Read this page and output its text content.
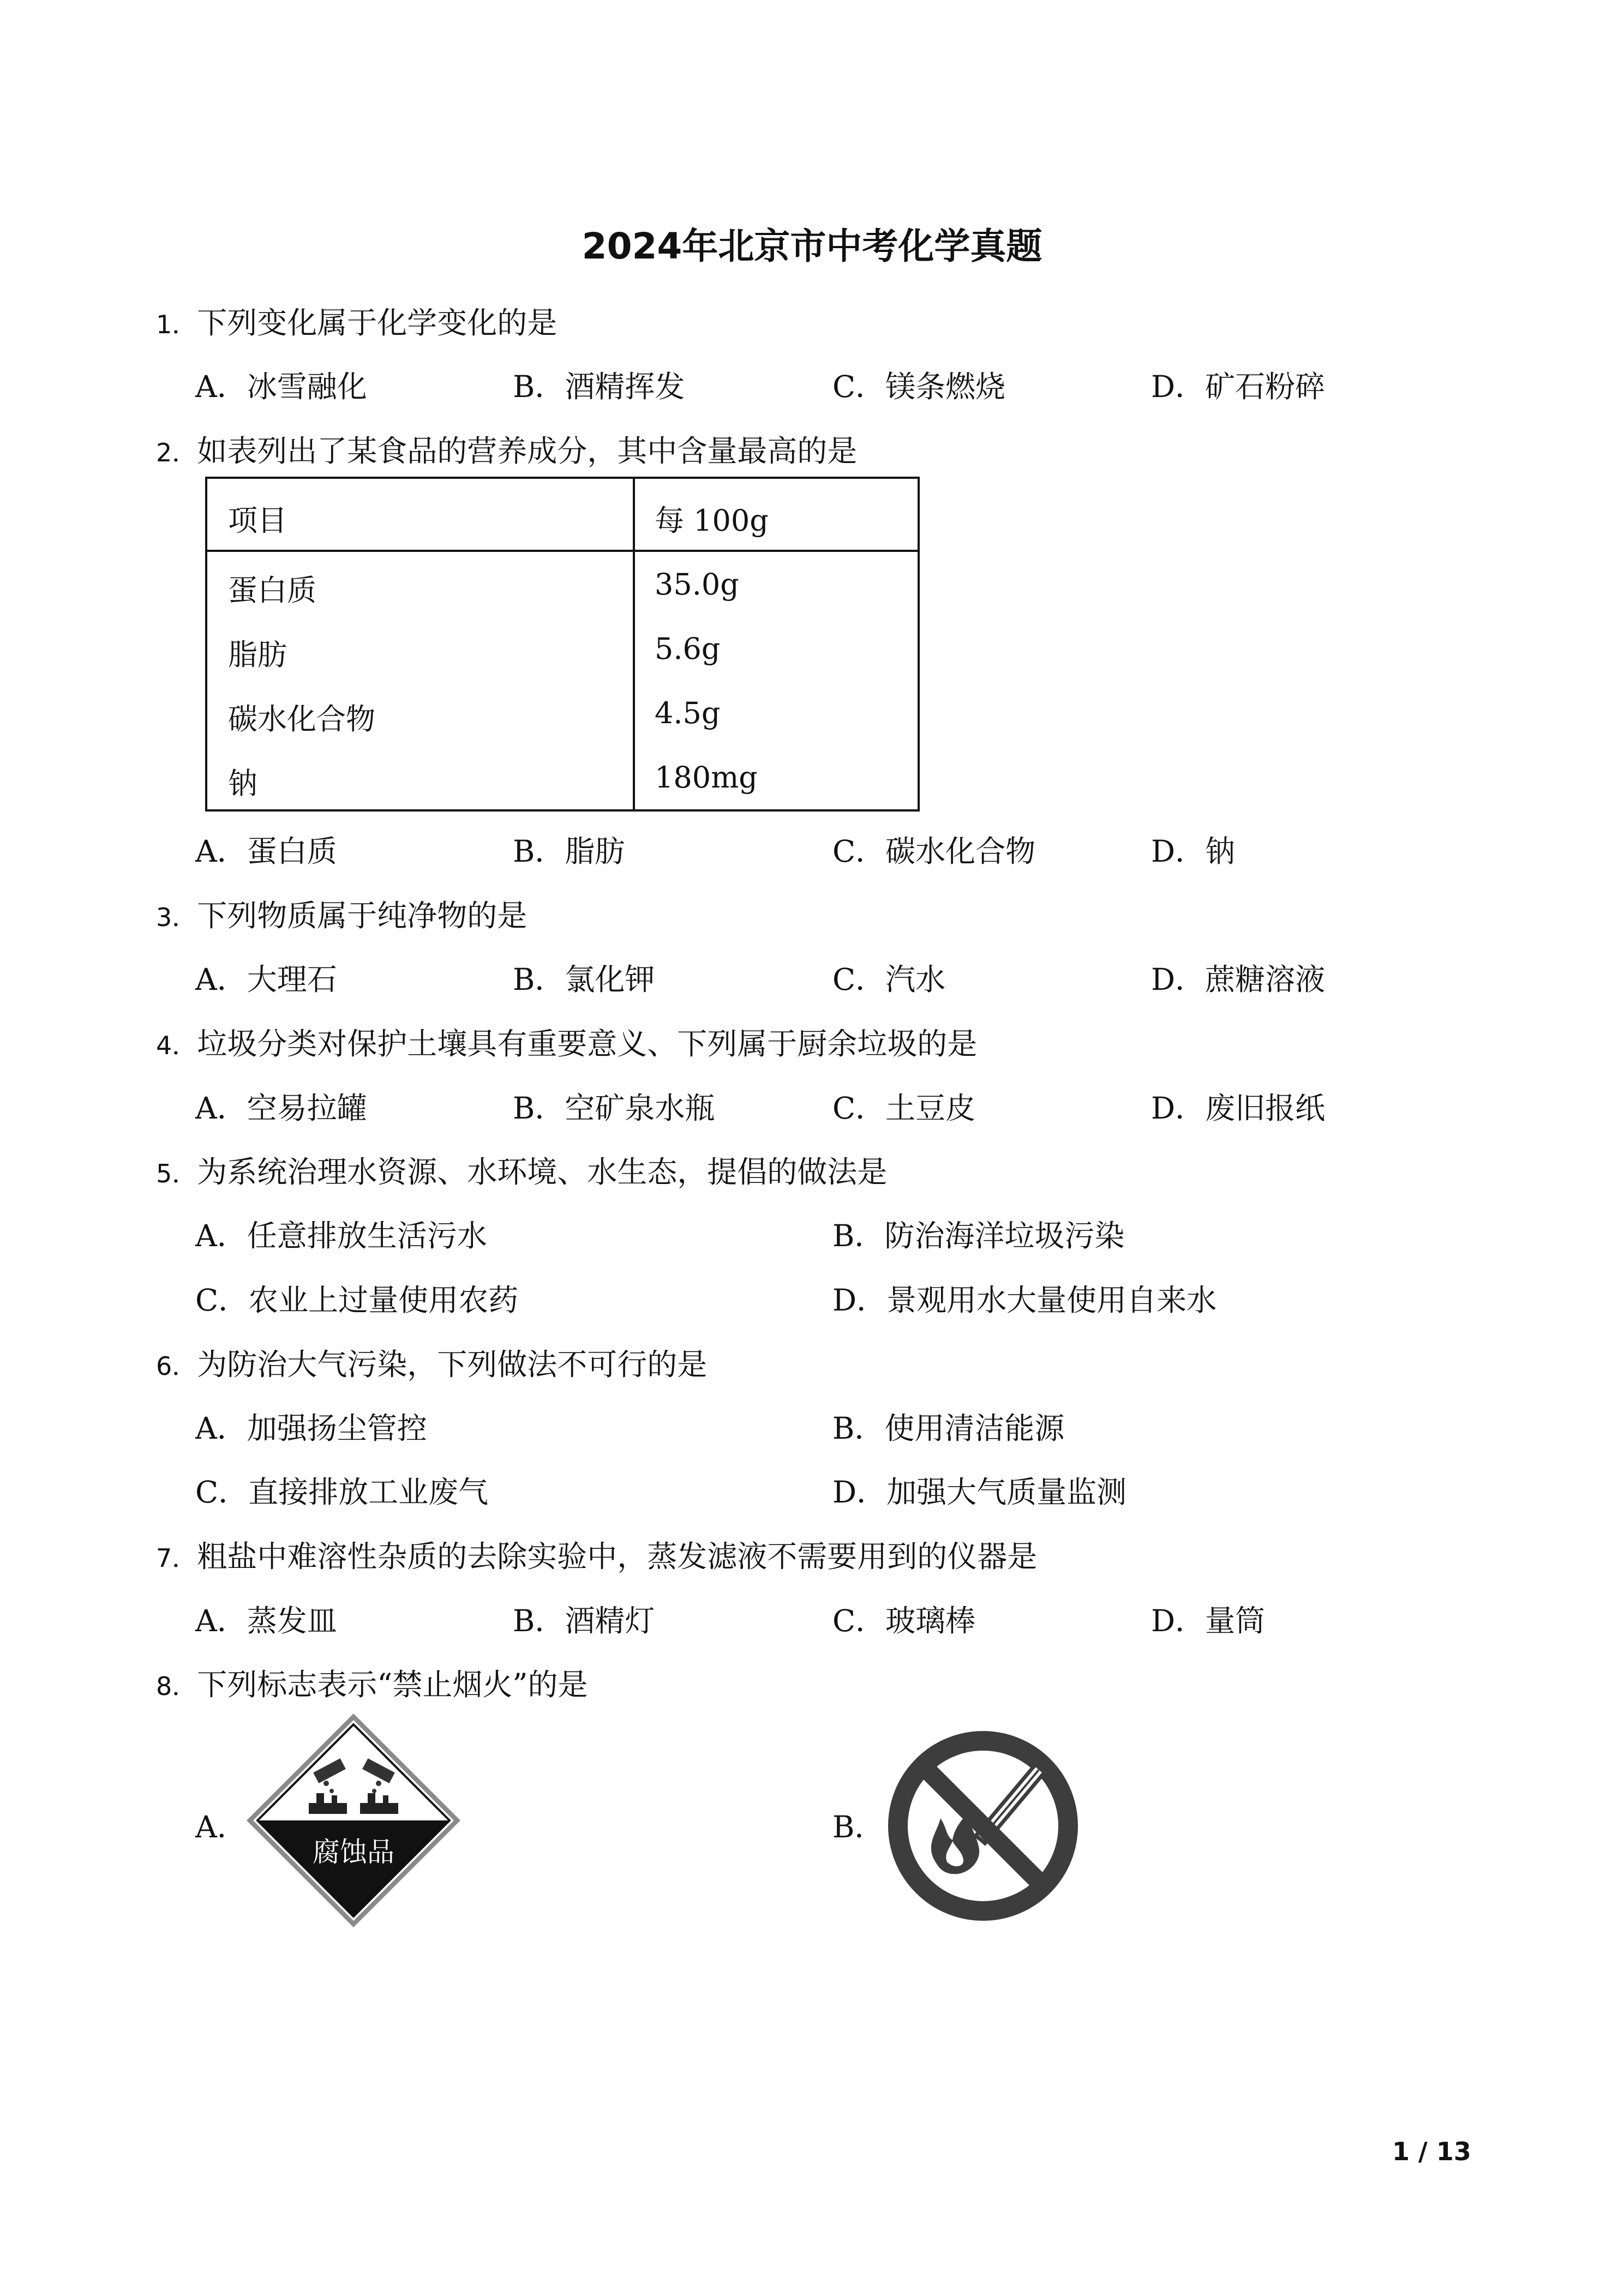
2024年北京市中考化学真题
1．下列变化属于化学变化的是
A．冰雪融化	B．酒精挥发	C．镁条燃烧	D．矿石粉碎
2．如表列出了某食品的营养成分，其中含量最高的是
项目	每 100g
蛋白质	35.0g
脂肪	5.6g
碳水化合物	4.5g
钠	180mg
A．蛋白质	B．脂肪	C．碳水化合物	D．钠
3．下列物质属于纯净物的是
A．大理石	B．氯化钾	C．汽水	D．蔗糖溶液
4．垃圾分类对保护土壤具有重要意义、下列属于厨余垃圾的是
A．空易拉罐	B．空矿泉水瓶	C．土豆皮	D．废旧报纸
5．为系统治理水资源、水环境、水生态，提倡的做法是
A．任意排放生活污水	B．防治海洋垃圾污染
C．农业上过量使用农药	D．景观用水大量使用自来水
6．为防治大气污染，下列做法不可行的是
A．加强扬尘管控	B．使用清洁能源
C．直接排放工业废气	D．加强大气质量监测
7．粗盐中难溶性杂质的去除实验中，蒸发滤液不需要用到的仪器是
A．蒸发皿	B．酒精灯	C．玻璃棒	D．量筒
8．下列标志表示“禁止烟火”的是
A．	B．
腐蚀品
1 / 13
